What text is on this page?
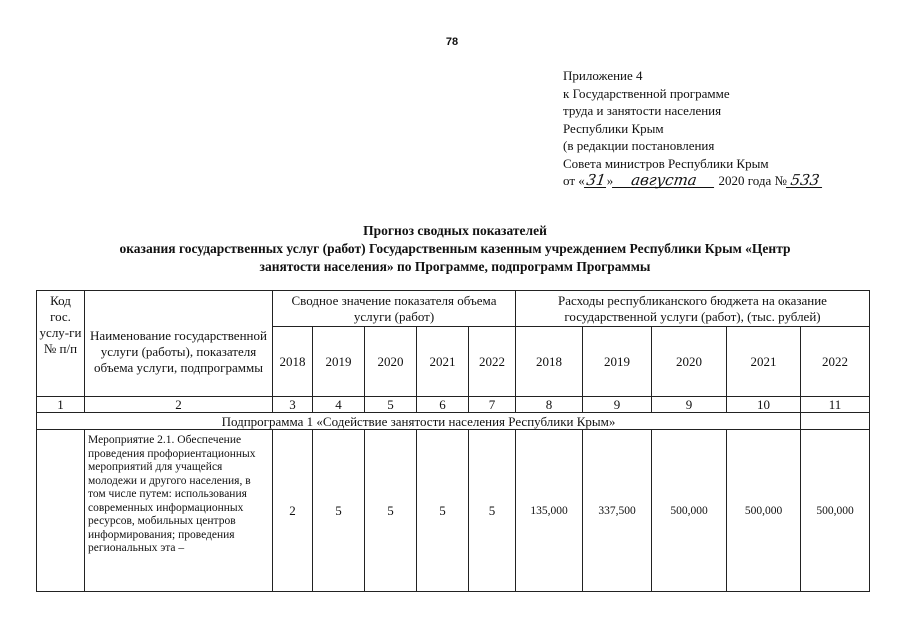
78
Приложение 4
к Государственной программе
труда и занятости населения
Республики Крым
(в редакции постановления
Совета министров Республики Крым
от «31» августа 2020 года № 533
Прогноз сводных показателей
оказания государственных услуг (работ) Государственным казенным учреждением Республики Крым «Центр
занятости населения» по Программе, подпрограмм Программы
Код гос. услу-ги № п/п	Наименование государственной услуги (работы), показателя объема услуги, подпрограммы	Сводное значение показателя объема услуги (работ)					Расходы республиканского бюджета на оказание государственной услуги (работ), (тыс. рублей)				
		2018	2019	2020	2021	2022	2018	2019	2020	2021	2022
1	2	3	4	5	6	7	8	9	9	10	11
Подпрограмма 1 «Содействие занятости населения Республики Крым»											
	Мероприятие 2.1. Обеспечение проведения профориентационных мероприятий для учащейся молодежи и другого населения, в том числе путем: использования современных информационных ресурсов, мобильных центров информирования; проведения региональных эта –	2	5	5	5	5	135,000	337,500	500,000	500,000	500,000
